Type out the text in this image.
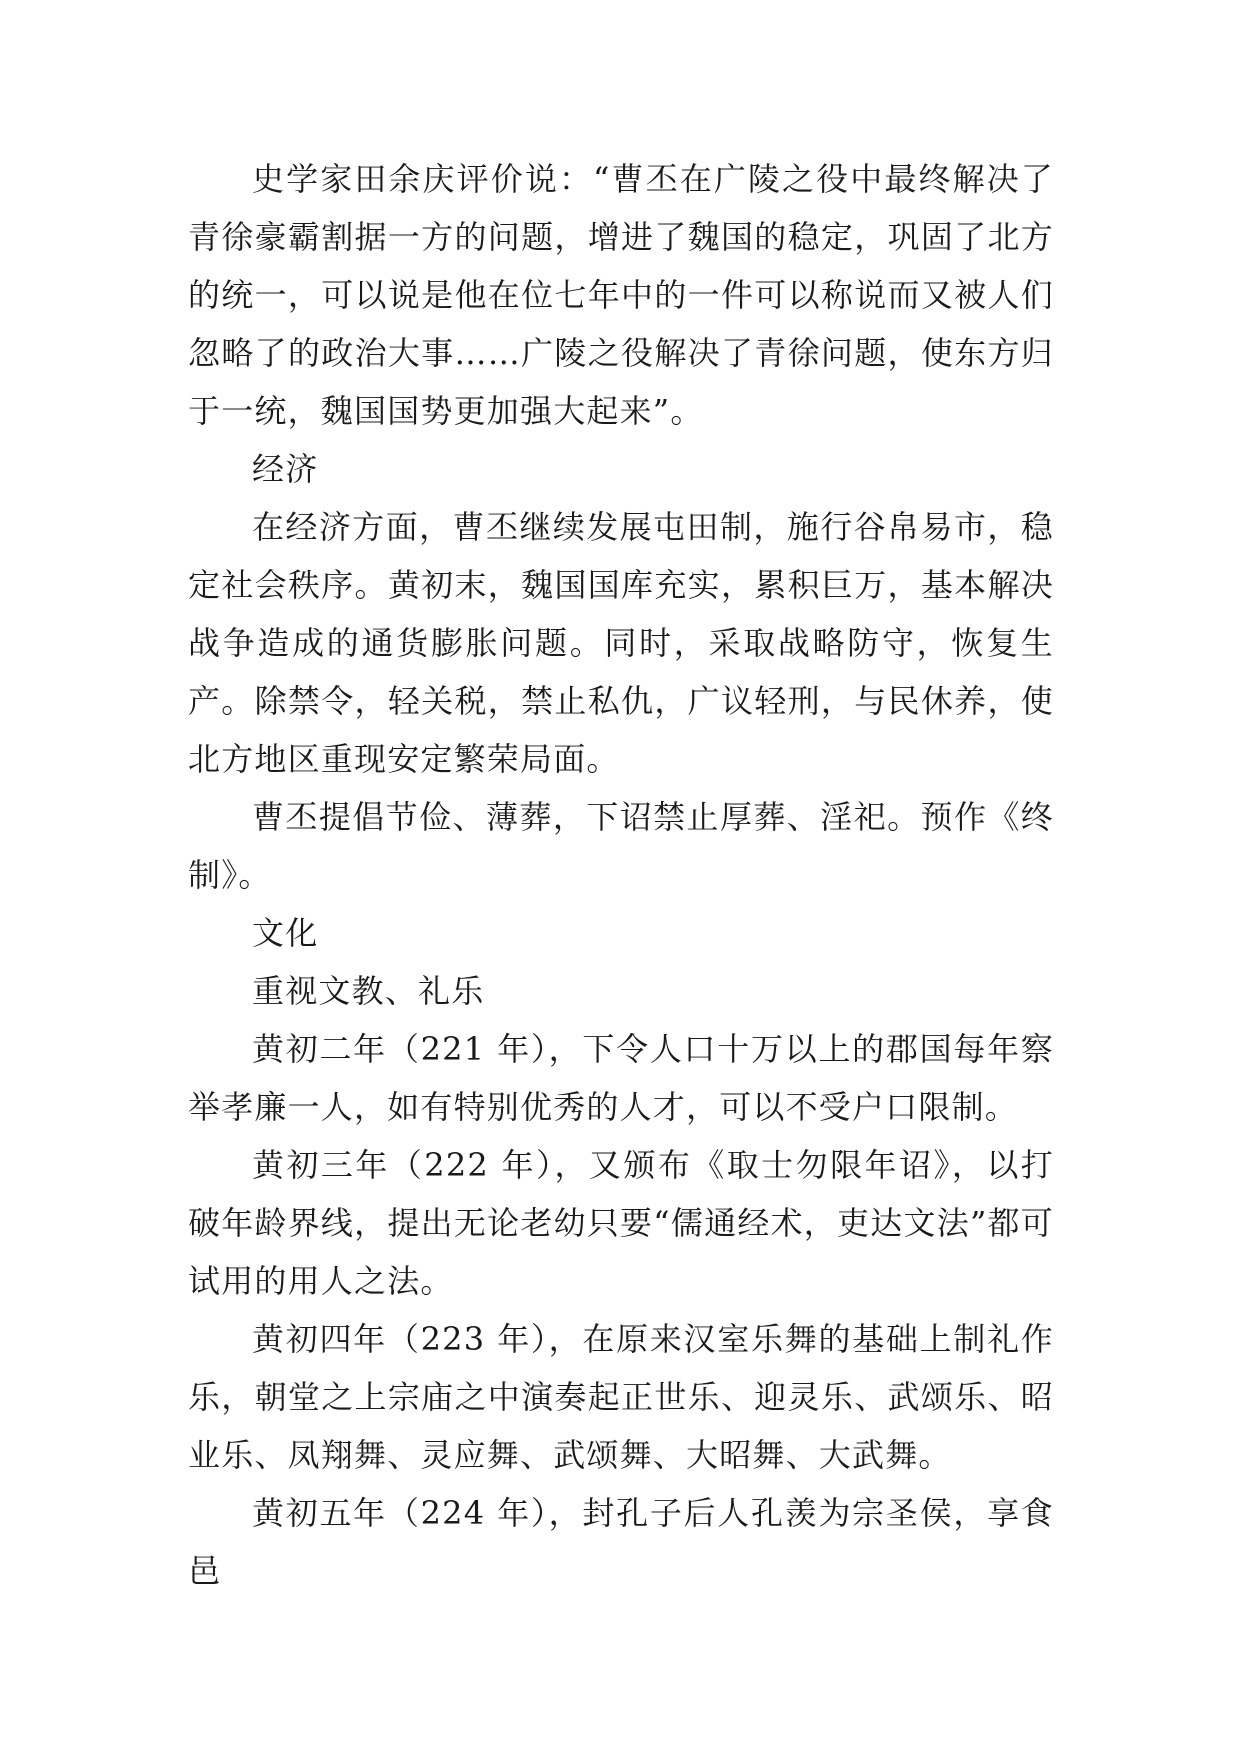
史学家田余庆评价说：“曹丕在广陵之役中最终解决了青徐豪霸割据一方的问题，增进了魏国的稳定，巩固了北方的统一，可以说是他在位七年中的一件可以称说而又被人们忽略了的政治大事……广陵之役解决了青徐问题，使东方归于一统，魏国国势更加强大起来”。

经济

在经济方面，曹丕继续发展屯田制，施行谷帛易市，稳定社会秩序。黄初末，魏国国库充实，累积巨万，基本解决战争造成的通货膨胀问题。同时，采取战略防守，恢复生产。除禁令，轻关税，禁止私仇，广议轻刑，与民休养，使北方地区重现安定繁荣局面。

曹丕提倡节俭、薄葬，下诏禁止厚葬、淫祀。预作《终制》。

文化

重视文教、礼乐

黄初二年（221 年），下令人口十万以上的郡国每年察举孝廉一人，如有特别优秀的人才，可以不受户口限制。

黄初三年（222 年），又颁布《取士勿限年诏》，以打破年龄界线，提出无论老幼只要“儒通经术，吏达文法”都可试用的用人之法。

黄初四年（223 年），在原来汉室乐舞的基础上制礼作乐，朝堂之上宗庙之中演奏起正世乐、迎灵乐、武颂乐、昭业乐、凤翔舞、灵应舞、武颂舞、大昭舞、大武舞。

黄初五年（224 年），封孔子后人孔羡为宗圣侯，享食邑
